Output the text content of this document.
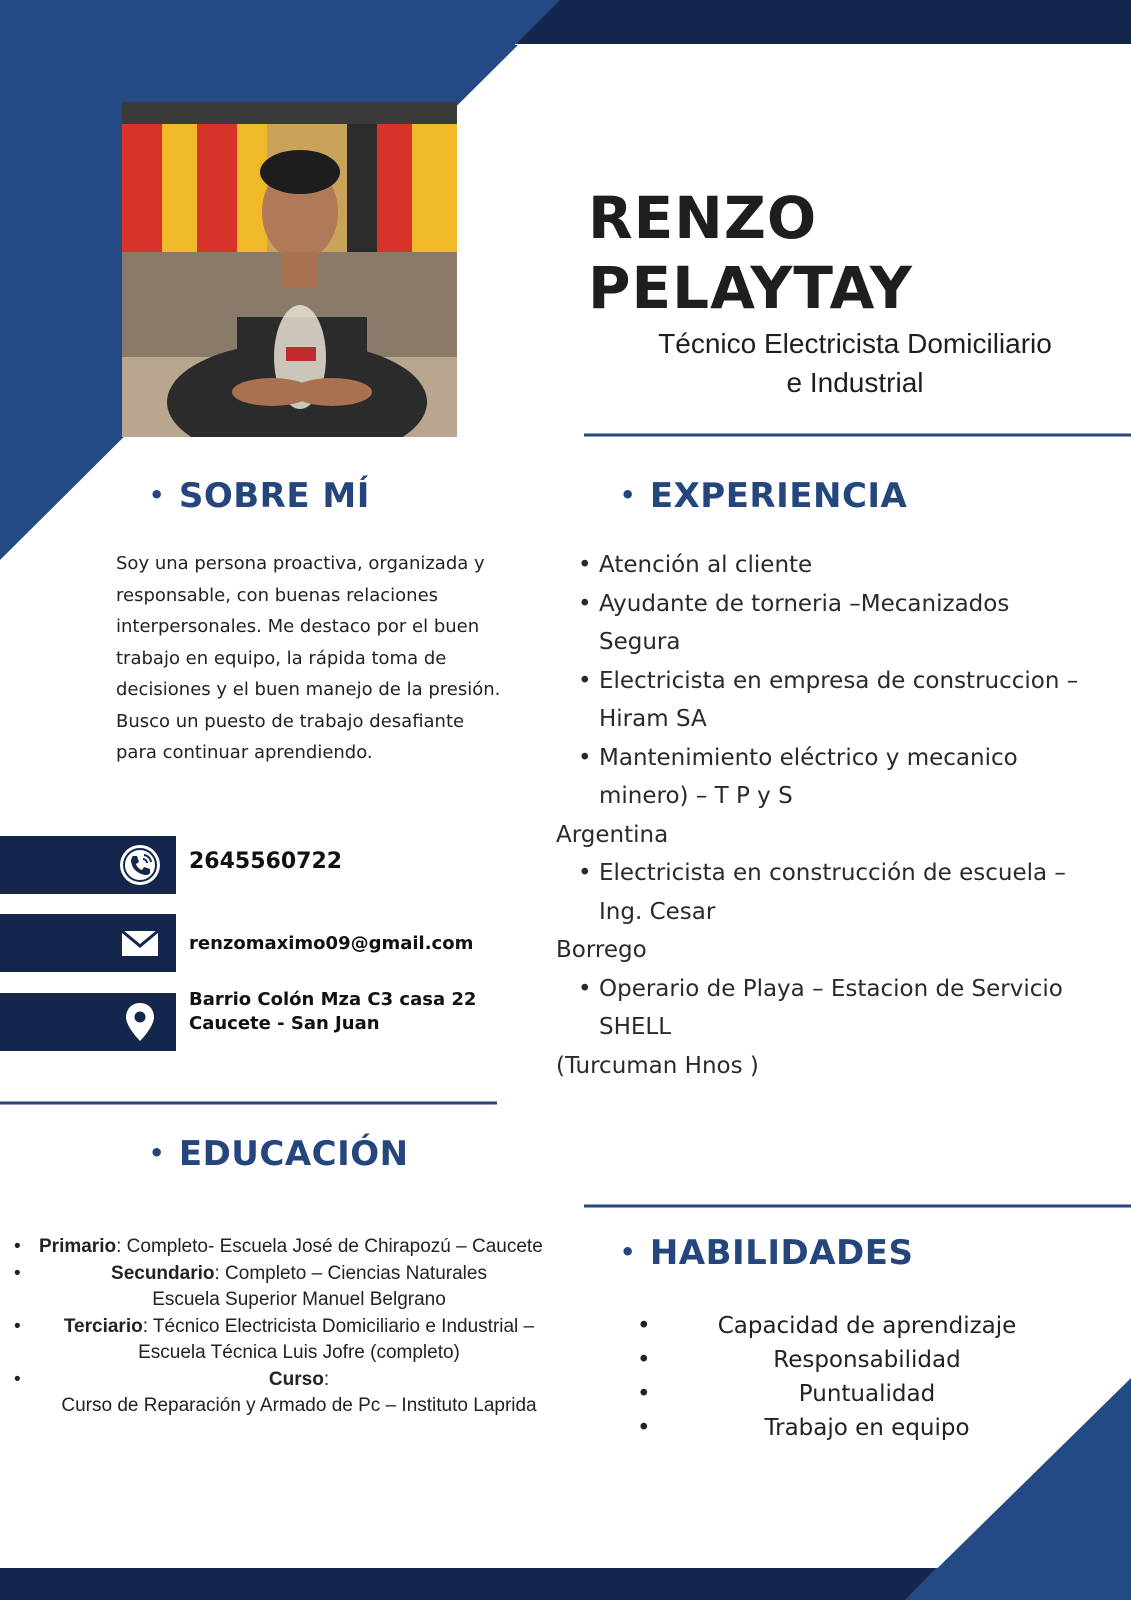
RENZO
PELAYTAY
Técnico Electricista Domiciliario
e Industrial
• SOBRE MÍ
Soy una persona proactiva, organizada y responsable, con buenas relaciones interpersonales. Me destaco por el buen trabajo en equipo, la rápida toma de decisiones y el buen manejo de la presión. Busco un puesto de trabajo desafiante para continuar aprendiendo.
2645560722
renzomaximo09@gmail.com
Barrio Colón Mza C3 casa 22
Caucete - San Juan
• EXPERIENCIA
• Atención al cliente
• Ayudante de torneria –Mecanizados
Segura
• Electricista en empresa de construccion –
Hiram SA
• Mantenimiento eléctrico y mecanico
minero) – T P y S
Argentina
• Electricista en construcción de escuela –
Ing. Cesar
Borrego
• Operario de Playa – Estacion de Servicio
SHELL
(Turcuman Hnos )
• EDUCACIÓN
• Primario: Completo- Escuela José de Chirapozú – Caucete
•	Secundario: Completo – Ciencias Naturales
Escuela Superior Manuel Belgrano
• Terciario: Técnico Electricista Domiciliario e Industrial –
Escuela Técnica Luis Jofre (completo)
•	Curso:
Curso de Reparación y Armado de Pc – Instituto Laprida
• HABILIDADES
•	Capacidad de aprendizaje
•	Responsabilidad
•	Puntualidad
•	Trabajo en equipo
